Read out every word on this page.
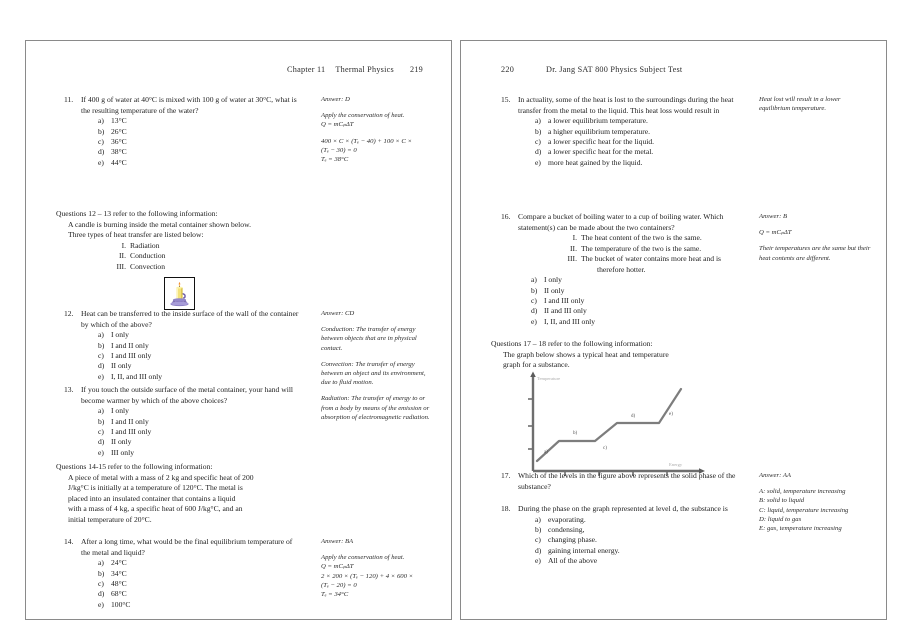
Chapter 11 Thermal Physics 219
11.	If 400 g of water at 40°C is mixed with 100 g of water at 30°C, what is the resulting temperature of the water?
a) 13°C
b) 26°C
c) 36°C
d) 38°C
e) 44°C
Answer: D
Apply the conservation of heat.
Q = mCₚΔT
400 × C × (Tₑ − 40) + 100 × C ×
(Tₑ − 30) = 0
Tₑ = 38°C
Questions 12 – 13 refer to the following information:
A candle is burning inside the metal container shown below.
Three types of heat transfer are listed below:
I. Radiation
II. Conduction
III. Convection
12. Heat can be transferred to the inside surface of the wall of the container by which of the above?
a) I only
b) I and II only
c) I and III only
d) II only
e) I, II, and III only
Answer: CD
Conduction: The transfer of energy between objects that are in physical contact.
Convection: The transfer of energy between an object and its environment, due to fluid motion.
Radiation: The transfer of energy to or from a body by means of the emission or absorption of electromagnetic radiation.
13. If you touch the outside surface of the metal container, your hand will become warmer by which of the above choices?
a) I only
b) I and II only
c) I and III only
d) II only
e) III only
Questions 14-15 refer to the following information:
A piece of metal with a mass of 2 kg and specific heat of 200
J/kg°C is initially at a temperature of 120°C. The metal is
placed into an insulated container that contains a liquid
with a mass of 4 kg, a specific heat of 600 J/kg°C, and an
initial temperature of 20°C.
14. After a long time, what would be the final equilibrium temperature of the metal and liquid?
a) 24°C
b) 34°C
c) 48°C
d) 68°C
e) 100°C
Answer: BA
Apply the conservation of heat.
Q = mCₚΔT
2 × 200 × (Tₑ − 120) + 4 × 600 ×
(Tₑ − 20) = 0
Tₑ = 34°C
220	Dr. Jang SAT 800 Physics Subject Test
15. In actuality, some of the heat is lost to the surroundings during the heat transfer from the metal to the liquid. This heat loss would result in
a) a lower equilibrium temperature.
b) a higher equilibrium temperature.
c) a lower specific heat for the liquid.
d) a lower specific heat for the metal.
e) more heat gained by the liquid.
Heat lost will result in a lower equilibrium temperature.
16. Compare a bucket of boiling water to a cup of boiling water. Which statement(s) can be made about the two containers?
I. The heat content of the two is the same.
II. The temperature of the two is the same.
III. The bucket of water contains more heat and is
therefore hotter.
a) I only
b) II only
c) I and III only
d) II and III only
e) I, II, and III only
Answer: B
Q = mCₚΔT
Their temperatures are the same but their heat contents are different.
Questions 17 – 18 refer to the following information:
The graph below shows a typical heat and temperature
graph for a substance.
a)
b)
c)
d)	e)
Temperature
Energy
17. Which of the levels in the figure above represents the solid phase of the substance?
Answer: AA
A: solid, temperature increasing
B: solid to liquid
C: liquid, temperature increasing
D: liquid to gas
E: gas, temperature increasing
18. During the phase on the graph represented at level d, the substance is
a) evaporating.
b) condensing,
c) changing phase.
d) gaining internal energy.
e) All of the above
